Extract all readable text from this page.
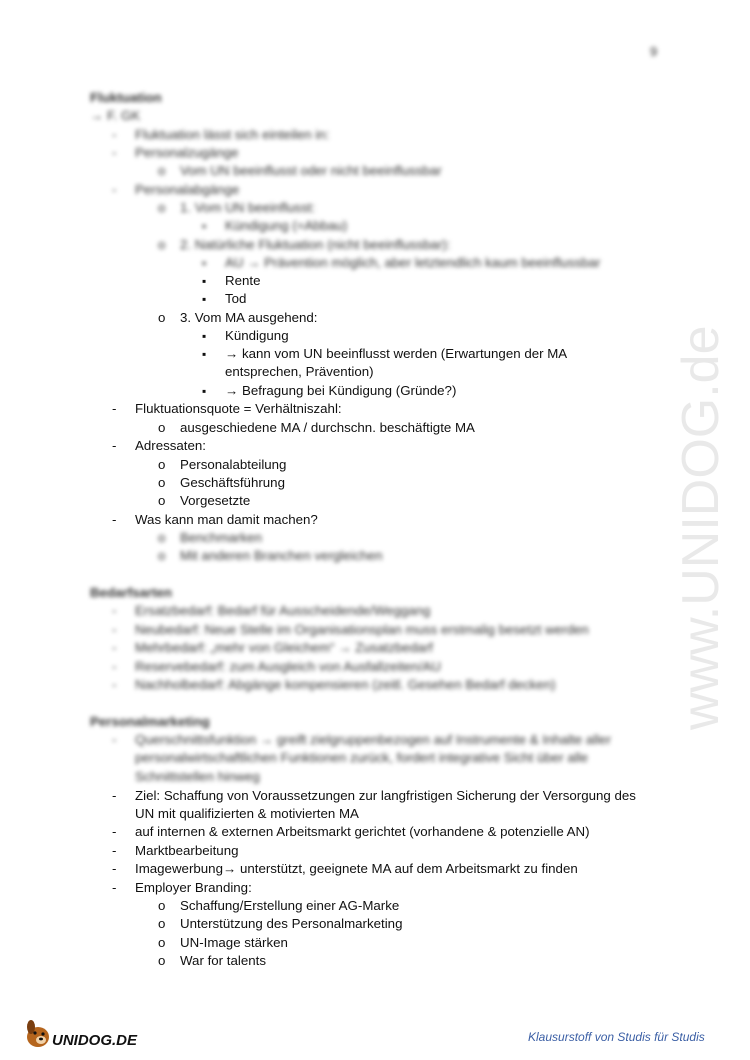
9
www.UNIDOG.de
Fluktuation
→ F. GK
- Fluktuation lässt sich einteilen in:
- Personalzugänge
o Vom UN beeinflusst oder nicht beeinflussbar
- Personalabgänge
o 1. Vom UN beeinflusst:
▪ Kündigung (=Abbau)
o 2. Natürliche Fluktuation (nicht beeinflussbar):
▪ AU → Prävention möglich, aber letztendlich kaum beeinflussbar
▪ Rente
▪ Tod
o 3. Vom MA ausgehend:
▪ Kündigung
▪ → kann vom UN beeinflusst werden (Erwartungen der MA
entsprechen, Prävention)
▪ → Befragung bei Kündigung (Gründe?)
- Fluktuationsquote = Verhältniszahl:
o ausgeschiedene MA / durchschn. beschäftigte MA
- Adressaten:
o Personalabteilung
o Geschäftsführung
o Vorgesetzte
- Was kann man damit machen?
o Benchmarken
o Mit anderen Branchen vergleichen
Bedarfsarten
- Ersatzbedarf: Bedarf für Ausscheidende/Weggang
- Neubedarf: Neue Stelle im Organisationsplan muss erstmalig besetzt werden
- Mehrbedarf: „mehr von Gleichem“ → Zusatzbedarf
- Reservebedarf: zum Ausgleich von Ausfallzeiten/AU
- Nachholbedarf: Abgänge kompensieren (zeitl. Gesehen Bedarf decken)
Personalmarketing
- Querschnittsfunktion → greift zielgruppenbezogen auf Instrumente & Inhalte aller
personalwirtschaftlichen Funktionen zurück, fordert integrative Sicht über alle
Schnittstellen hinweg
- Ziel: Schaffung von Voraussetzungen zur langfristigen Sicherung der Versorgung des
UN mit qualifizierten & motivierten MA
- auf internen & externen Arbeitsmarkt gerichtet (vorhandene & potenzielle AN)
- Marktbearbeitung
- Imagewerbung→ unterstützt, geeignete MA auf dem Arbeitsmarkt zu finden
- Employer Branding:
o Schaffung/Erstellung einer AG-Marke
o Unterstützung des Personalmarketing
o UN-Image stärken
o War for talents
UNIDOG.DE	Klausurstoff von Studis für Studis
